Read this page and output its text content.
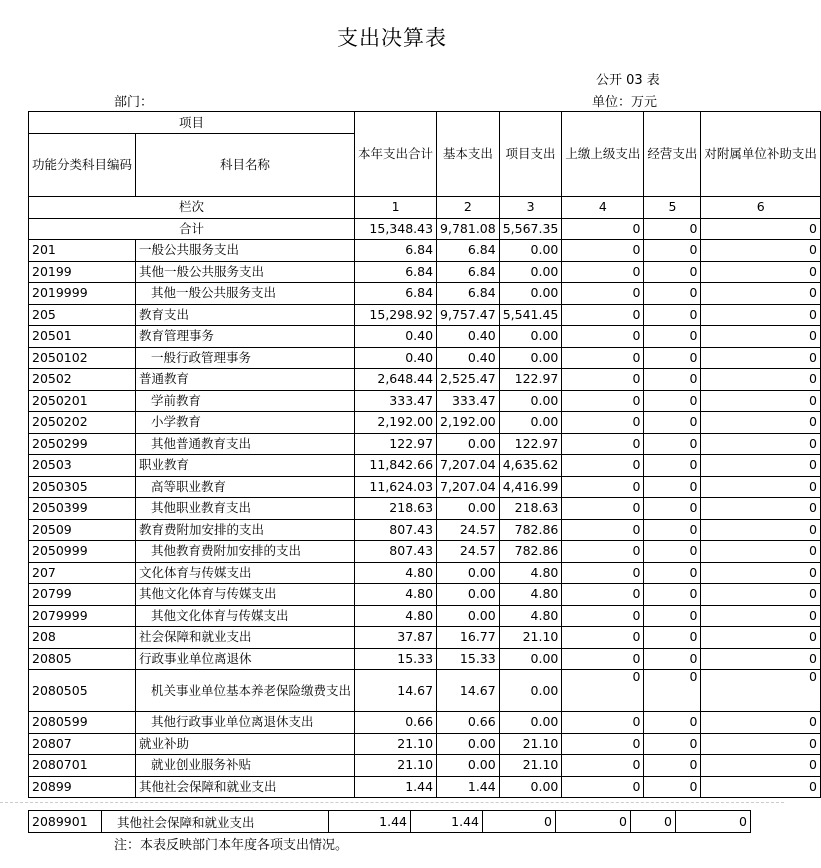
支出决算表
公开 03 表
部门：	单位：万元
项目		本年支出合计	基本支出	项目支出	上缴上级支出	经营支出	对附属单位补助支出
功能分类科目编码	科目名称						
栏次		1	2	3	4	5	6
合计		15,348.43	9,781.08	5,567.35	0	0	0
201	一般公共服务支出	6.84	6.84	0.00	0	0	0
20199	其他一般公共服务支出	6.84	6.84	0.00	0	0	0
2019999	其他一般公共服务支出	6.84	6.84	0.00	0	0	0
205	教育支出	15,298.92	9,757.47	5,541.45	0	0	0
20501	教育管理事务	0.40	0.40	0.00	0	0	0
2050102	一般行政管理事务	0.40	0.40	0.00	0	0	0
20502	普通教育	2,648.44	2,525.47	122.97	0	0	0
2050201	学前教育	333.47	333.47	0.00	0	0	0
2050202	小学教育	2,192.00	2,192.00	0.00	0	0	0
2050299	其他普通教育支出	122.97	0.00	122.97	0	0	0
20503	职业教育	11,842.66	7,207.04	4,635.62	0	0	0
2050305	高等职业教育	11,624.03	7,207.04	4,416.99	0	0	0
2050399	其他职业教育支出	218.63	0.00	218.63	0	0	0
20509	教育费附加安排的支出	807.43	24.57	782.86	0	0	0
2050999	其他教育费附加安排的支出	807.43	24.57	782.86	0	0	0
207	文化体育与传媒支出	4.80	0.00	4.80	0	0	0
20799	其他文化体育与传媒支出	4.80	0.00	4.80	0	0	0
2079999	其他文化体育与传媒支出	4.80	0.00	4.80	0	0	0
208	社会保障和就业支出	37.87	16.77	21.10	0	0	0
20805	行政事业单位离退休	15.33	15.33	0.00	0	0	0
2080505	机关事业单位基本养老保险缴费支出	14.67	14.67	0.00	0	0	0
2080599	其他行政事业单位离退休支出	0.66	0.66	0.00	0	0	0
20807	就业补助	21.10	0.00	21.10	0	0	0
2080701	就业创业服务补贴	21.10	0.00	21.10	0	0	0
20899	其他社会保障和就业支出	1.44	1.44	0.00	0	0	0
2089901	其他社会保障和就业支出	1.44	1.44	0	0	0	0
注：本表反映部门本年度各项支出情况。
